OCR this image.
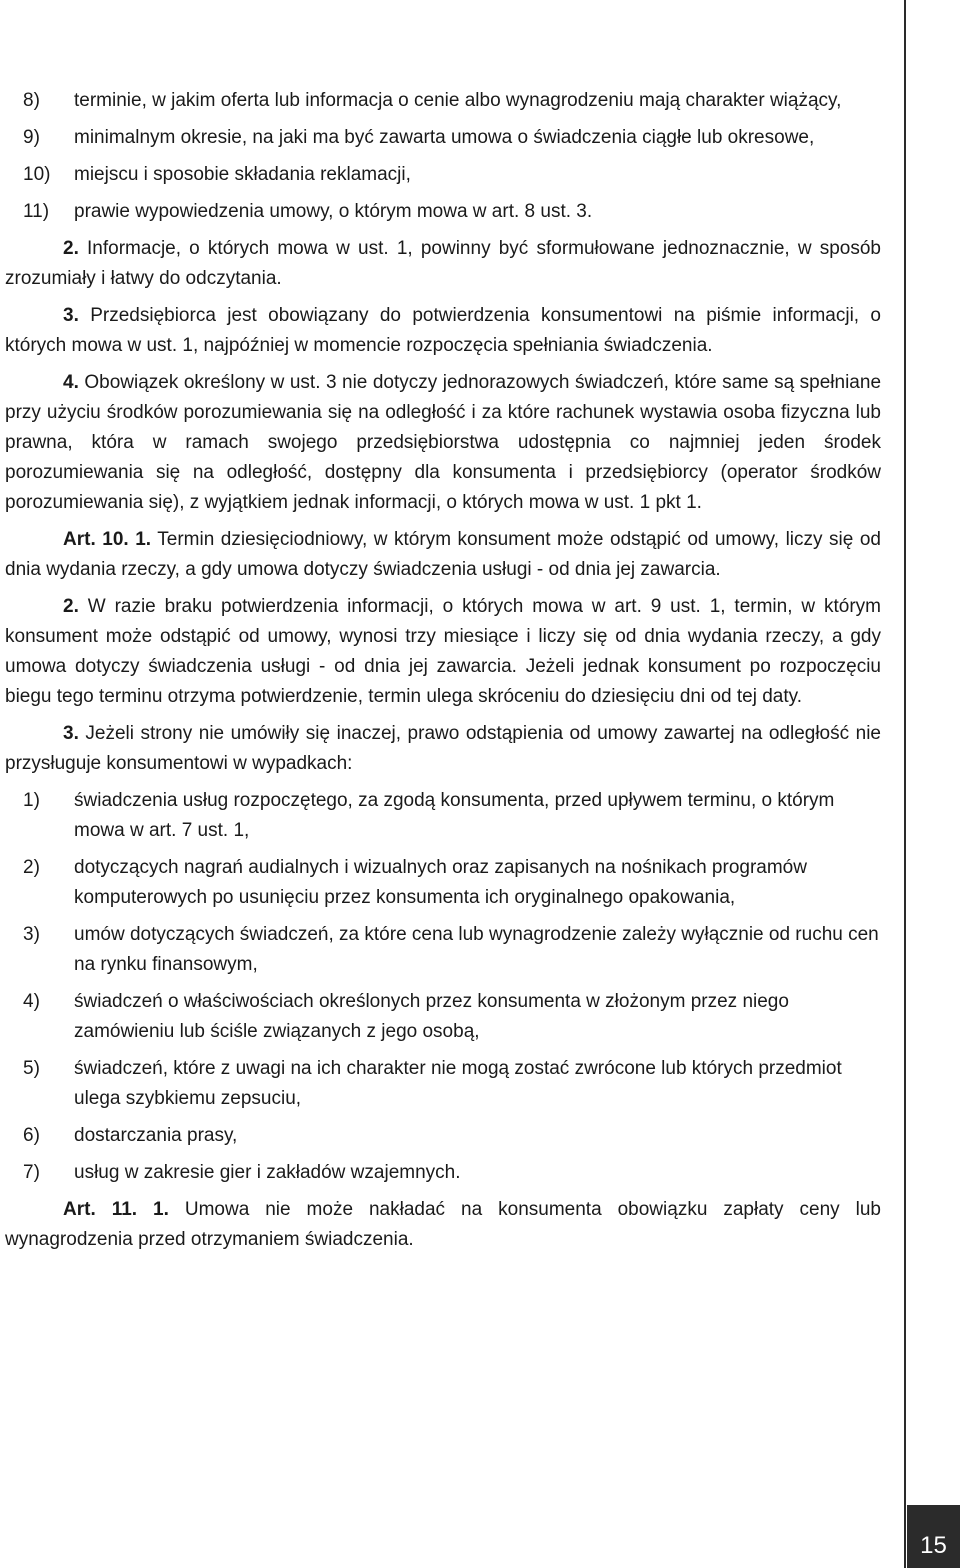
8)	terminie, w jakim oferta lub informacja o cenie albo wynagrodzeniu mają charakter wiążący,
9)	minimalnym okresie, na jaki ma być zawarta umowa o świadczenia ciągłe lub okresowe,
10)	miejscu i sposobie składania reklamacji,
11)	prawie wypowiedzenia umowy, o którym mowa w art. 8 ust. 3.

2. Informacje, o których mowa w ust. 1, powinny być sformułowane jednoznacznie, w sposób zrozumiały i łatwy do odczytania.

3. Przedsiębiorca jest obowiązany do potwierdzenia konsumentowi na piśmie informacji, o których mowa w ust. 1, najpóźniej w momencie rozpoczęcia spełniania świadczenia.

4. Obowiązek określony w ust. 3 nie dotyczy jednorazowych świadczeń, które same są spełniane przy użyciu środków porozumiewania się na odległość i za które rachunek wystawia osoba fizyczna lub prawna, która w ramach swojego przedsiębiorstwa udostępnia co najmniej jeden środek porozumiewania się na odległość, dostępny dla konsumenta i przedsiębiorcy (operator środków porozumiewania się), z wyjątkiem jednak informacji, o których mowa w ust. 1 pkt 1.

Art. 10. 1. Termin dziesięciodniowy, w którym konsument może odstąpić od umowy, liczy się od dnia wydania rzeczy, a gdy umowa dotyczy świadczenia usługi - od dnia jej zawarcia.

2. W razie braku potwierdzenia informacji, o których mowa w art. 9 ust. 1, termin, w którym konsument może odstąpić od umowy, wynosi trzy miesiące i liczy się od dnia wydania rzeczy, a gdy umowa dotyczy świadczenia usługi - od dnia jej zawarcia. Jeżeli jednak konsument po rozpoczęciu biegu tego terminu otrzyma potwierdzenie, termin ulega skróceniu do dziesięciu dni od tej daty.

3. Jeżeli strony nie umówiły się inaczej, prawo odstąpienia od umowy zawartej na odległość nie przysługuje konsumentowi w wypadkach:

1)	świadczenia usług rozpoczętego, za zgodą konsumenta, przed upływem terminu, o którym mowa w art. 7 ust. 1,
2)	dotyczących nagrań audialnych i wizualnych oraz zapisanych na nośnikach programów komputerowych po usunięciu przez konsumenta ich oryginalnego opakowania,
3)	umów dotyczących świadczeń, za które cena lub wynagrodzenie zależy wyłącznie od ruchu cen na rynku finansowym,
4)	świadczeń o właściwościach określonych przez konsumenta w złożonym przez niego zamówieniu lub ściśle związanych z jego osobą,
5)	świadczeń, które z uwagi na ich charakter nie mogą zostać zwrócone lub których przedmiot ulega szybkiemu zepsuciu,
6)	dostarczania prasy,
7)	usług w zakresie gier i zakładów wzajemnych.

Art. 11. 1. Umowa nie może nakładać na konsumenta obowiązku zapłaty ceny lub wynagrodzenia przed otrzymaniem świadczenia.

15
